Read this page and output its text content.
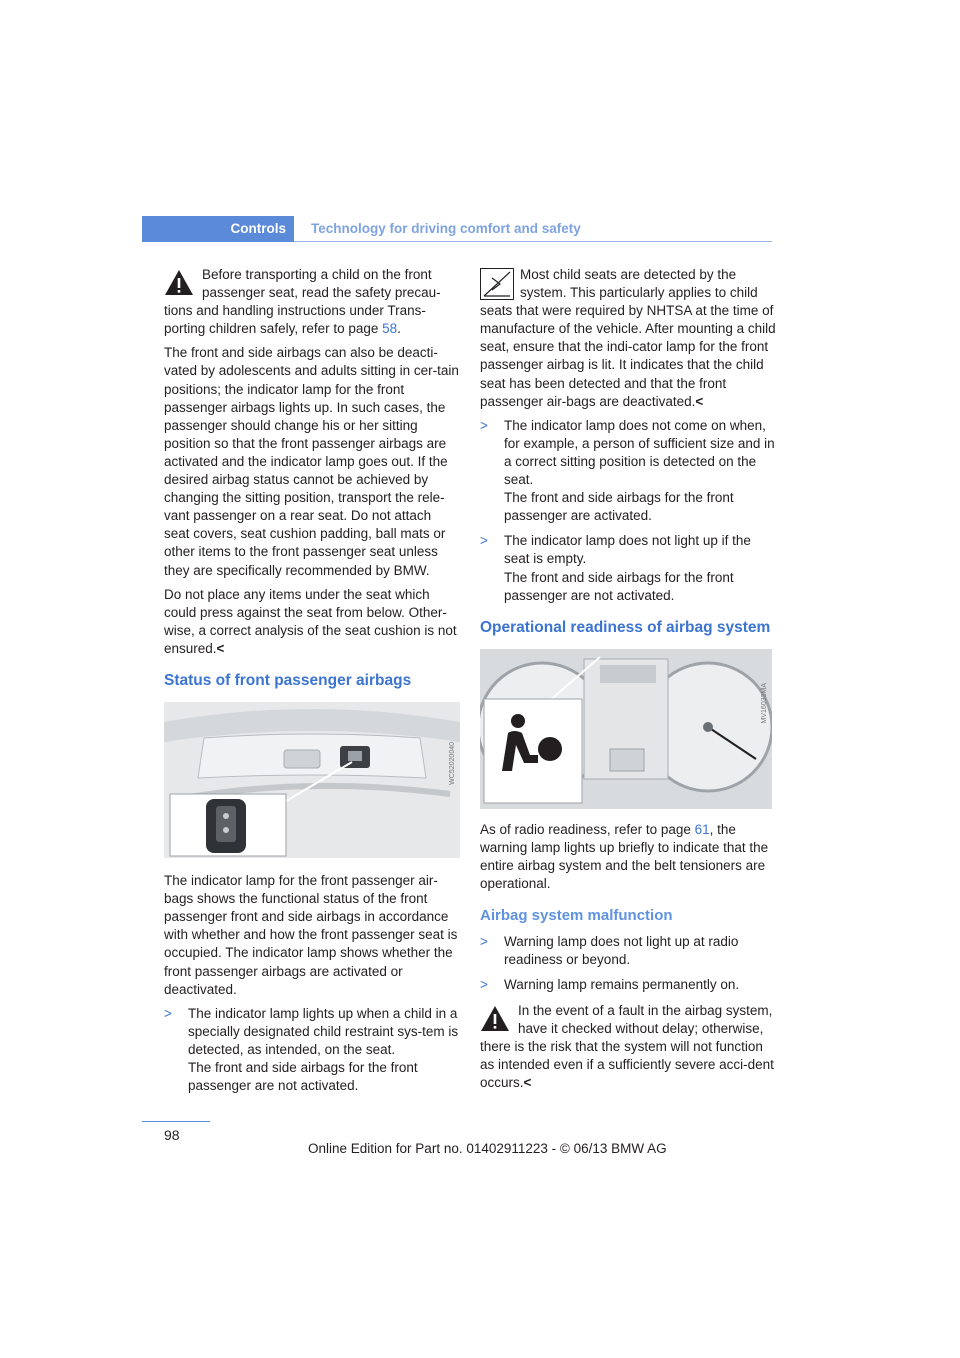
Controls	Technology for driving comfort and safety

Before transporting a child on the front passenger seat, read the safety precau-tions and handling instructions under Trans-porting children safely, refer to page 58.

The front and side airbags can also be deacti-vated by adolescents and adults sitting in cer-tain positions; the indicator lamp for the front passenger airbags lights up. In such cases, the passenger should change his or her sitting position so that the front passenger airbags are activated and the indicator lamp goes out. If the desired airbag status cannot be achieved by changing the sitting position, transport the rele-vant passenger on a rear seat. Do not attach seat covers, seat cushion padding, ball mats or other items to the front passenger seat unless they are specifically recommended by BMW.

Do not place any items under the seat which could press against the seat from below. Other-wise, a correct analysis of the seat cushion is not ensured.<

Status of front passenger airbags
WC52020040

The indicator lamp for the front passenger air-bags shows the functional status of the front passenger front and side airbags in accordance with whether and how the front passenger seat is occupied. The indicator lamp shows whether the front passenger airbags are activated or deactivated.

> The indicator lamp lights up when a child in a specially designated child restraint sys-tem is detected, as intended, on the seat.
The front and side airbags for the front passenger are not activated.

Most child seats are detected by the system. This particularly applies to child seats that were required by NHTSA at the time of manufacture of the vehicle. After mounting a child seat, ensure that the indi-cator lamp for the front passenger airbag is lit. It indicates that the child seat has been detected and that the front passenger air-bags are deactivated.<

> The indicator lamp does not come on when, for example, a person of sufficient size and in a correct sitting position is detected on the seat.
The front and side airbags for the front passenger are activated.
> The indicator lamp does not light up if the seat is empty.
The front and side airbags for the front passenger are not activated.
Operational readiness of airbag system
MV16033MA

As of radio readiness, refer to page 61, the warning lamp lights up briefly to indicate that the entire airbag system and the belt tensioners are operational.

Airbag system malfunction
> Warning lamp does not light up at radio readiness or beyond.
> Warning lamp remains permanently on.

In the event of a fault in the airbag system, have it checked without delay; otherwise, there is the risk that the system will not function as intended even if a sufficiently severe acci-dent occurs.<

98
Online Edition for Part no. 01402911223 - © 06/13 BMW AG
